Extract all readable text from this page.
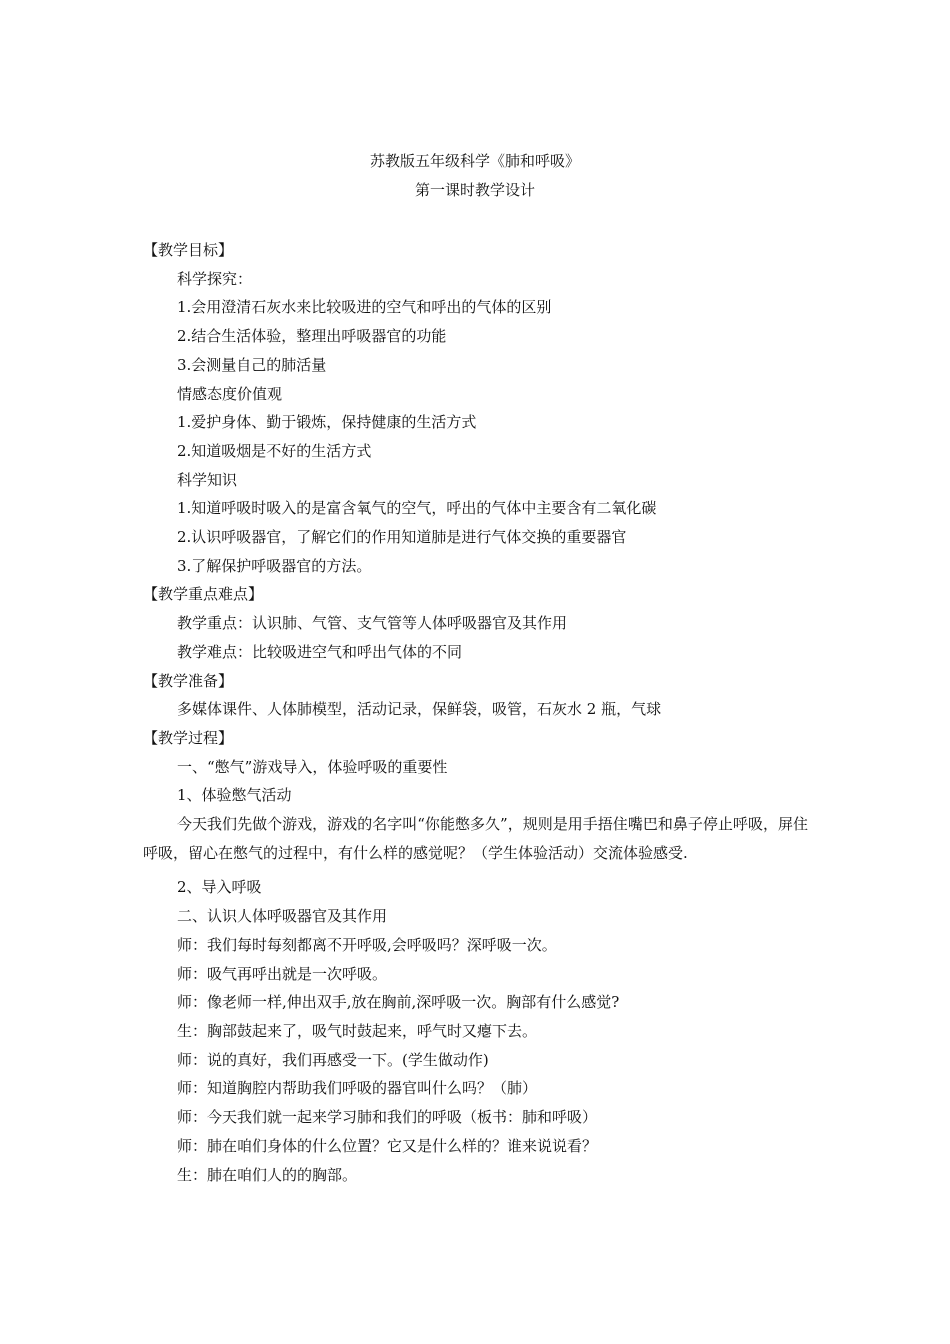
苏教版五年级科学《肺和呼吸》
第一课时教学设计

【教学目标】

科学探究：

1.会用澄清石灰水来比较吸进的空气和呼出的气体的区别

2.结合生活体验，整理出呼吸器官的功能

3.会测量自己的肺活量

情感态度价值观

1.爱护身体、勤于锻炼，保持健康的生活方式

2.知道吸烟是不好的生活方式

科学知识

1.知道呼吸时吸入的是富含氧气的空气，呼出的气体中主要含有二氧化碳

2.认识呼吸器官，了解它们的作用知道肺是进行气体交换的重要器官

3.了解保护呼吸器官的方法。

【教学重点难点】

教学重点：认识肺、气管、支气管等人体呼吸器官及其作用

教学难点：比较吸进空气和呼出气体的不同

【教学准备】

多媒体课件、人体肺模型，活动记录，保鲜袋，吸管，石灰水 2 瓶，气球

【教学过程】

一、“憋气”游戏导入，体验呼吸的重要性

1、体验憋气活动

今天我们先做个游戏，游戏的名字叫“你能憋多久”，规则是用手捂住嘴巴和鼻子停止呼吸，屏住呼吸，留心在憋气的过程中，有什么样的感觉呢？（学生体验活动）交流体验感受.

2、导入呼吸

二、认识人体呼吸器官及其作用

师：我们每时每刻都离不开呼吸,会呼吸吗？深呼吸一次。

师：吸气再呼出就是一次呼吸。

师：像老师一样,伸出双手,放在胸前,深呼吸一次。胸部有什么感觉?

生：胸部鼓起来了，吸气时鼓起来，呼气时又瘪下去。

师：说的真好，我们再感受一下。(学生做动作)

师：知道胸腔内帮助我们呼吸的器官叫什么吗？（肺）

师：今天我们就一起来学习肺和我们的呼吸（板书：肺和呼吸）

师：肺在咱们身体的什么位置？它又是什么样的？谁来说说看？

生：肺在咱们人的的胸部。
